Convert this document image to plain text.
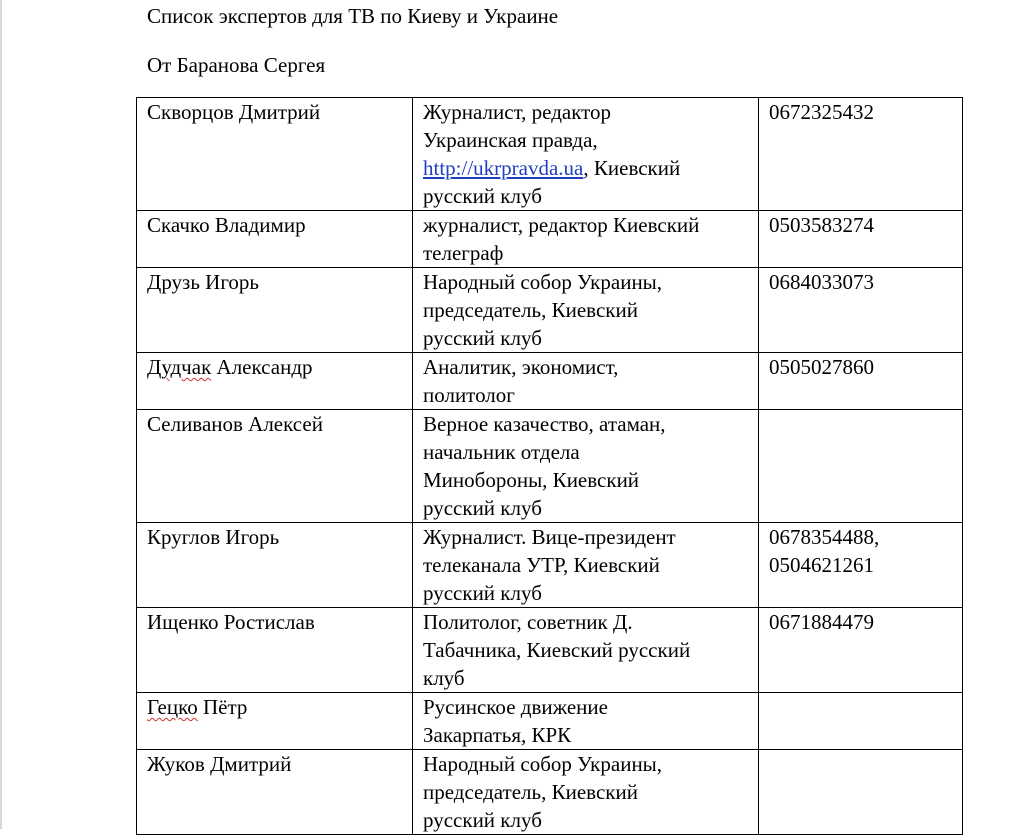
Список экспертов для ТВ по Киеву и Украине
От Баранова Сергея
Скворцов Дмитрий	Журналист, редактор
Украинская правда,
http://ukrpravda.ua, Киевский
русский клуб	0672325432
Скачко Владимир	журналист, редактор Киевский
телеграф	0503583274
Друзь Игорь	Народный собор Украины,
председатель, Киевский
русский клуб	0684033073
Дудчак Александр	Аналитик, экономист,
политолог	0505027860
Селиванов Алексей	Верное казачество, атаман,
начальник отдела
Минобороны, Киевский
русский клуб	
Круглов Игорь	Журналист. Вице-президент
телеканала УТР, Киевский
русский клуб	0678354488,
0504621261
Ищенко Ростислав	Политолог, советник Д.
Табачника, Киевский русский
клуб	0671884479
Гецко Пётр	Русинское движение
Закарпатья, КРК	
Жуков Дмитрий	Народный собор Украины,
председатель, Киевский
русский клуб	
